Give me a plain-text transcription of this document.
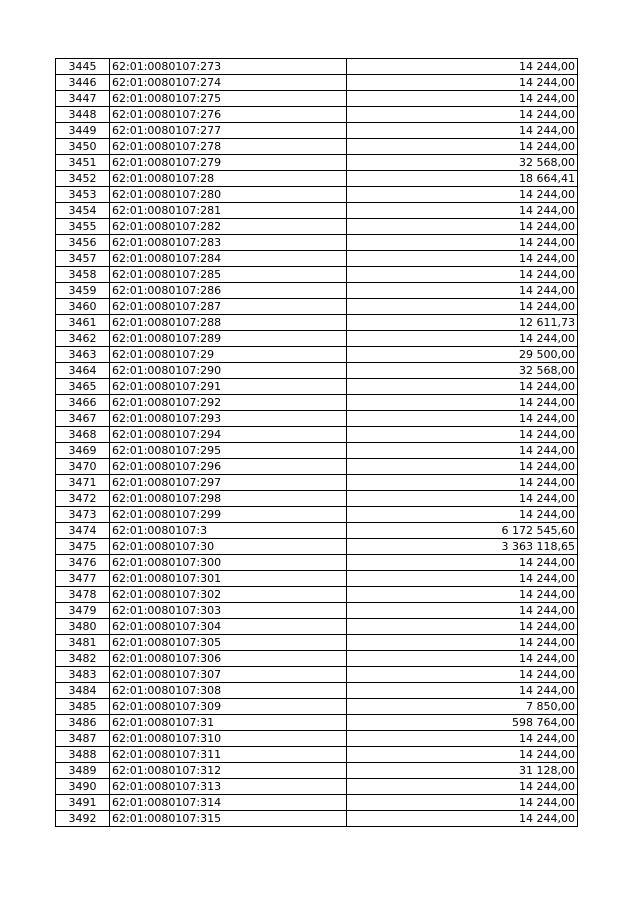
3445	62:01:0080107:273	14 244,00
3446	62:01:0080107:274	14 244,00
3447	62:01:0080107:275	14 244,00
3448	62:01:0080107:276	14 244,00
3449	62:01:0080107:277	14 244,00
3450	62:01:0080107:278	14 244,00
3451	62:01:0080107:279	32 568,00
3452	62:01:0080107:28	18 664,41
3453	62:01:0080107:280	14 244,00
3454	62:01:0080107:281	14 244,00
3455	62:01:0080107:282	14 244,00
3456	62:01:0080107:283	14 244,00
3457	62:01:0080107:284	14 244,00
3458	62:01:0080107:285	14 244,00
3459	62:01:0080107:286	14 244,00
3460	62:01:0080107:287	14 244,00
3461	62:01:0080107:288	12 611,73
3462	62:01:0080107:289	14 244,00
3463	62:01:0080107:29	29 500,00
3464	62:01:0080107:290	32 568,00
3465	62:01:0080107:291	14 244,00
3466	62:01:0080107:292	14 244,00
3467	62:01:0080107:293	14 244,00
3468	62:01:0080107:294	14 244,00
3469	62:01:0080107:295	14 244,00
3470	62:01:0080107:296	14 244,00
3471	62:01:0080107:297	14 244,00
3472	62:01:0080107:298	14 244,00
3473	62:01:0080107:299	14 244,00
3474	62:01:0080107:3	6 172 545,60
3475	62:01:0080107:30	3 363 118,65
3476	62:01:0080107:300	14 244,00
3477	62:01:0080107:301	14 244,00
3478	62:01:0080107:302	14 244,00
3479	62:01:0080107:303	14 244,00
3480	62:01:0080107:304	14 244,00
3481	62:01:0080107:305	14 244,00
3482	62:01:0080107:306	14 244,00
3483	62:01:0080107:307	14 244,00
3484	62:01:0080107:308	14 244,00
3485	62:01:0080107:309	7 850,00
3486	62:01:0080107:31	598 764,00
3487	62:01:0080107:310	14 244,00
3488	62:01:0080107:311	14 244,00
3489	62:01:0080107:312	31 128,00
3490	62:01:0080107:313	14 244,00
3491	62:01:0080107:314	14 244,00
3492	62:01:0080107:315	14 244,00
